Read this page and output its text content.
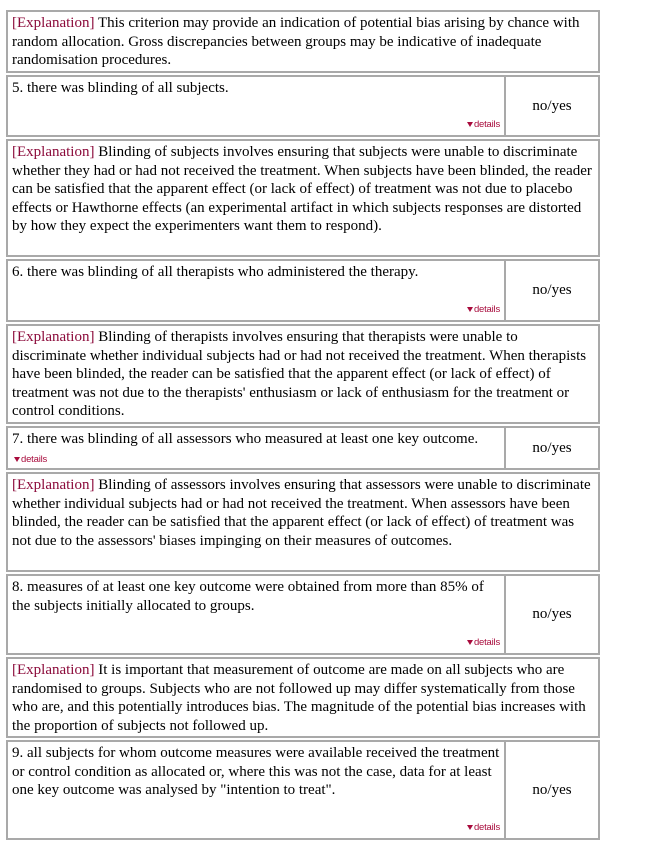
[Explanation] This criterion may provide an indication of potential bias arising by chance with random allocation. Gross discrepancies between groups may be indicative of inadequate randomisation procedures.
5. there was blinding of all subjects.
details
no/yes
[Explanation] Blinding of subjects involves ensuring that subjects were unable to discriminate whether they had or had not received the treatment. When subjects have been blinded, the reader can be satisfied that the apparent effect (or lack of effect) of treatment was not due to placebo effects or Hawthorne effects (an experimental artifact in which subjects responses are distorted by how they expect the experimenters want them to respond).
6. there was blinding of all therapists who administered the therapy.
details
no/yes
[Explanation] Blinding of therapists involves ensuring that therapists were unable to discriminate whether individual subjects had or had not received the treatment. When therapists have been blinded, the reader can be satisfied that the apparent effect (or lack of effect) of treatment was not due to the therapists' enthusiasm or lack of enthusiasm for the treatment or control conditions.
7. there was blinding of all assessors who measured at least one key outcome.details
no/yes
[Explanation] Blinding of assessors involves ensuring that assessors were unable to discriminate whether individual subjects had or had not received the treatment. When assessors have been blinded, the reader can be satisfied that the apparent effect (or lack of effect) of treatment was not due to the assessors' biases impinging on their measures of outcomes.
8. measures of at least one key outcome were obtained from more than 85% of the subjects initially allocated to groups.
details
no/yes
[Explanation] It is important that measurement of outcome are made on all subjects who are randomised to groups. Subjects who are not followed up may differ systematically from those who are, and this potentially introduces bias. The magnitude of the potential bias increases with the proportion of subjects not followed up.
9. all subjects for whom outcome measures were available received the treatment or control condition as allocated or, where this was not the case, data for at least one key outcome was analysed by "intention to treat".
details
no/yes
